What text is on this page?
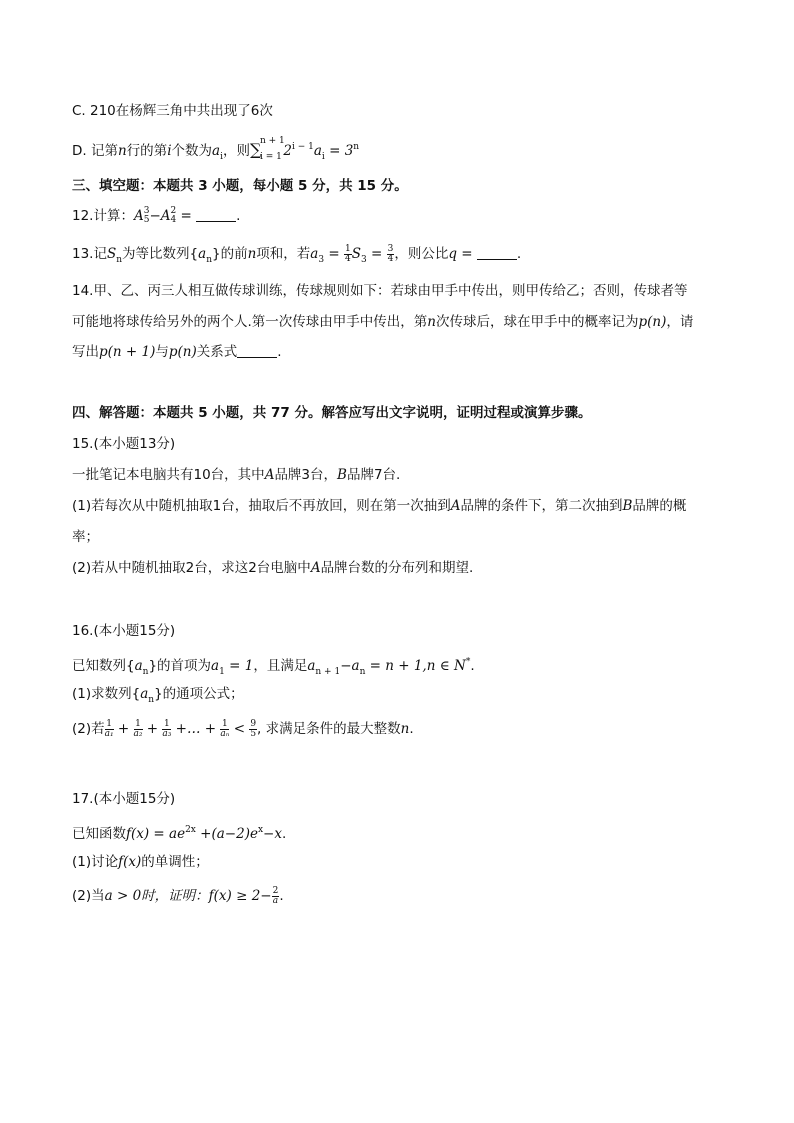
C. 210在杨辉三角中共出现了6次
D. 记第n行的第i个数为$a_i$，则∑
n + 1
i = 1 $2^{i - 1}a_i = 3^n$
三、填空题：本题共 3 小题，每小题 5 分，共 15 分。
12.计算：A 3
5 −A 2
4 =	.
13.记$S_n$为等比数列$\{a_n\}$的前n项和，若$a_3 = \frac{1}{4} S_3 = \frac{3}{4}$ ，则公比q =	.
14.甲、乙、丙三人相互做传球训练，传球规则如下：若球由甲手中传出，则甲传给乙；否则，传球者等
可能地将球传给另外的两个人.第一次传球由甲手中传出，第n次传球后，球在甲手中的概率记为p(n)，请
写出p(n + 1)与p(n)关系式	.
四、解答题：本题共 5 小题，共 77 分。解答应写出文字说明，证明过程或演算步骤。
15.(本小题13分)
一批笔记本电脑共有10台，其中A品牌3台，B品牌7台.
(1)若每次从中随机抽取1台，抽取后不再放回，则在第一次抽到A品牌的条件下，第二次抽到B品牌的概
率；
(2)若从中随机抽取2台，求这2台电脑中A品牌台数的分布列和期望.
16.(本小题15分)
已知数列$\{a_n\}$的首项为$a_1 = 1$，且满足$a_{n + 1}-a_n = n + 1,n$ ∈ N*.
(1)求数列$\{a_n\}$的通项公式；
(2)若 $\frac{1}{\text{a₁}} + \frac{1}{\text{a₂}} + \frac{1}{\text{a₃}}$ +… + $\frac{1}{\text{aₙ}} < \frac{9}{5}$ , 求满足条件的最大整数n.
17.(本小题15分)
已知函数$f(x) = ae^{2x} +(a-2)e^x-x$.
(1)讨论f(x)的单调性；
(2)当a > 0时，证明：$f(x) \ge 2- \frac{2}{a}$.
